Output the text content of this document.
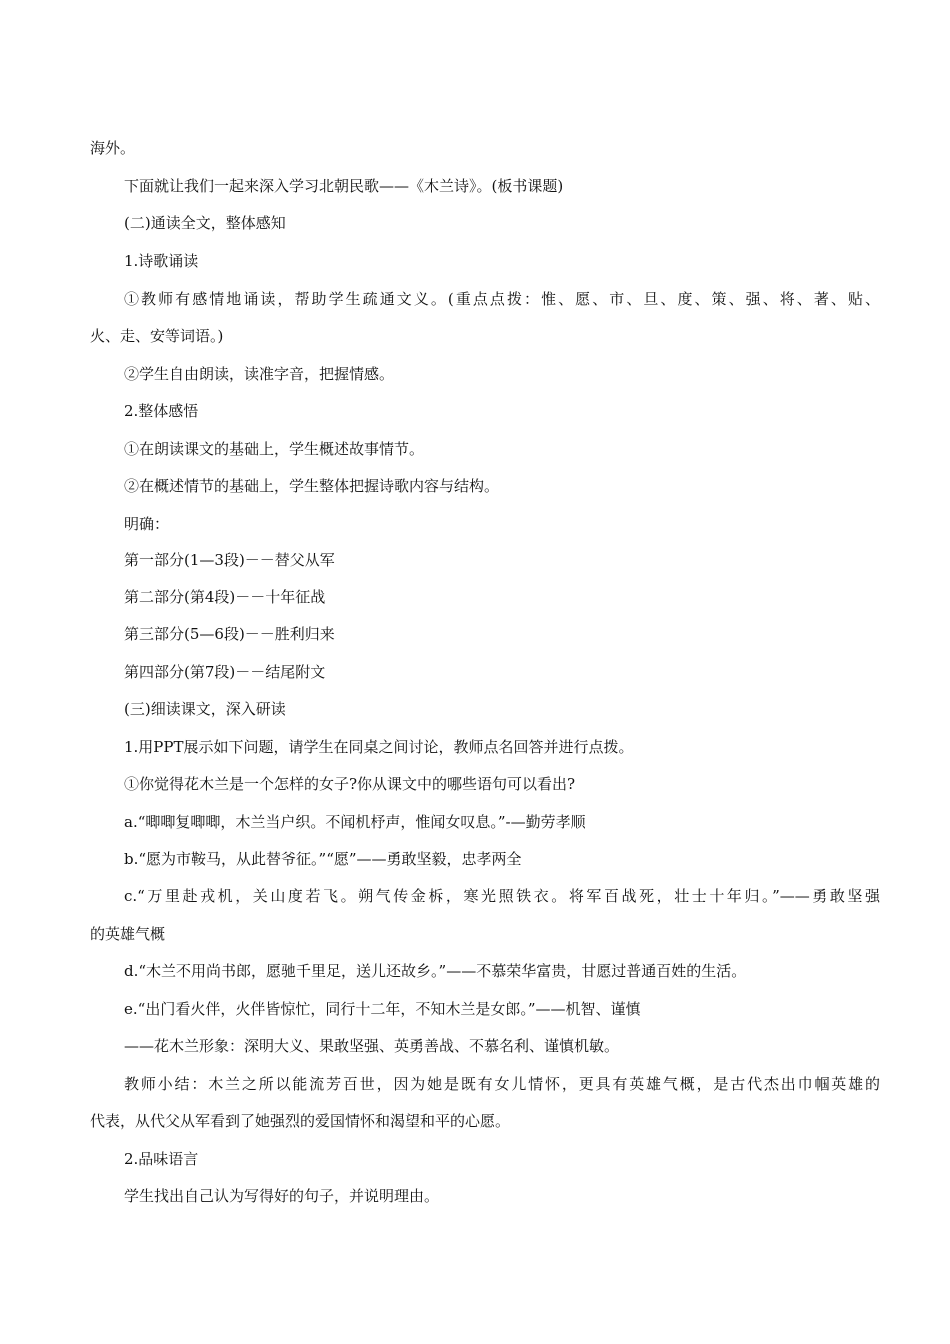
海外。
下面就让我们一起来深入学习北朝民歌——《木兰诗》。(板书课题)
(二)通读全文，整体感知
1.诗歌诵读
①教师有感情地诵读，帮助学生疏通文义。(重点点拨：惟、愿、市、旦、度、策、强、将、著、贴、
火、走、安等词语。)
②学生自由朗读，读准字音，把握情感。
2.整体感悟
①在朗读课文的基础上，学生概述故事情节。
②在概述情节的基础上，学生整体把握诗歌内容与结构。
明确：
第一部分(1—3段)－－替父从军
第二部分(第4段)－－十年征战
第三部分(5—6段)－－胜利归来
第四部分(第7段)－－结尾附文
(三)细读课文，深入研读
1.用PPT展示如下问题，请学生在同桌之间讨论，教师点名回答并进行点拨。
①你觉得花木兰是一个怎样的女子?你从课文中的哪些语句可以看出?
a.“唧唧复唧唧，木兰当户织。不闻机杼声，惟闻女叹息。”-—勤劳孝顺
b.“愿为市鞍马，从此替爷征。”“愿”——勇敢坚毅，忠孝两全
c.“万里赴戎机，关山度若飞。朔气传金柝，寒光照铁衣。将军百战死，壮士十年归。”——勇敢坚强
的英雄气概
d.“木兰不用尚书郎，愿驰千里足，送儿还故乡。”——不慕荣华富贵，甘愿过普通百姓的生活。
e.“出门看火伴，火伴皆惊忙，同行十二年，不知木兰是女郎。”——机智、谨慎
——花木兰形象：深明大义、果敢坚强、英勇善战、不慕名利、谨慎机敏。
教师小结：木兰之所以能流芳百世，因为她是既有女儿情怀，更具有英雄气概，是古代杰出巾帼英雄的
代表，从代父从军看到了她强烈的爱国情怀和渴望和平的心愿。
2.品味语言
学生找出自己认为写得好的句子，并说明理由。
